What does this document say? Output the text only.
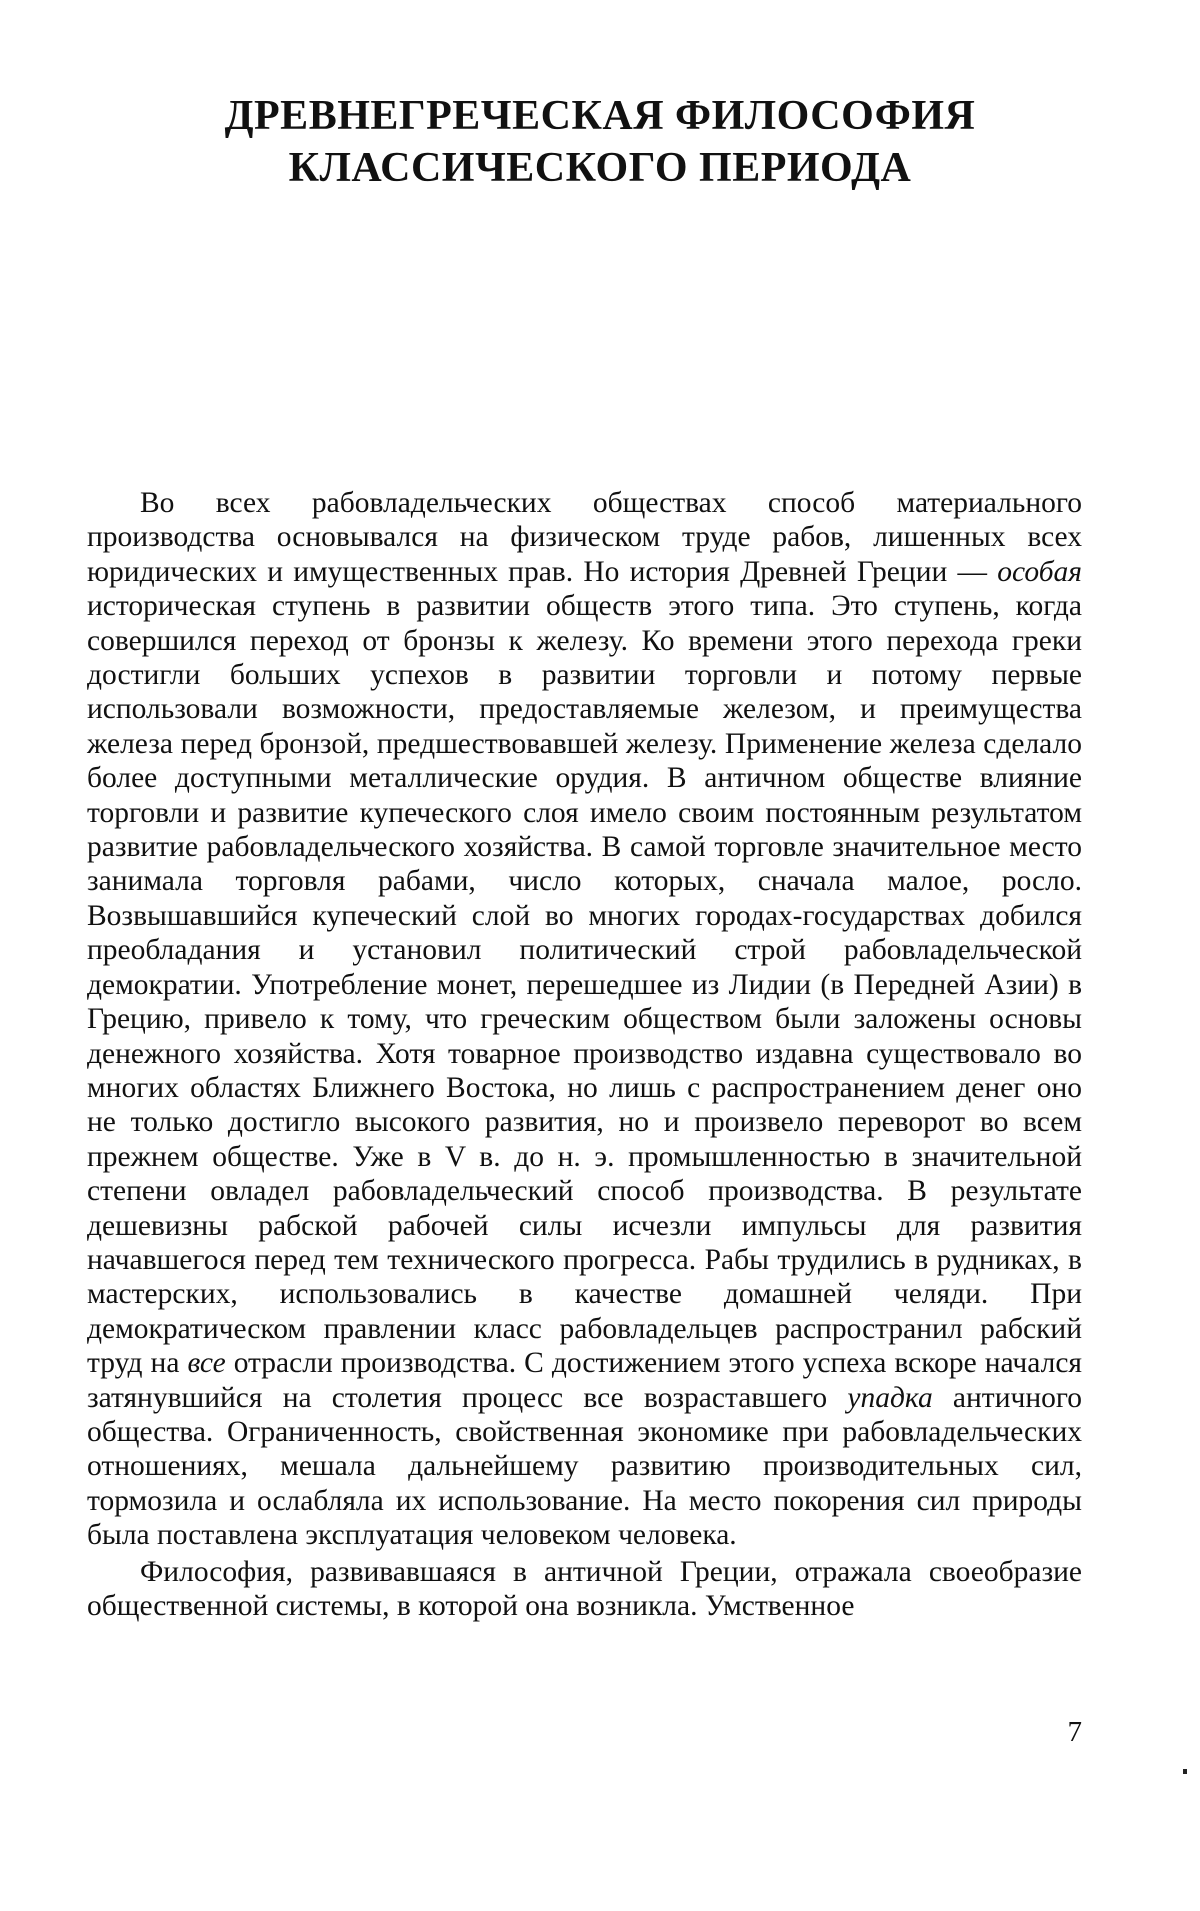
ДРЕВНЕГРЕЧЕСКАЯ ФИЛОСОФИЯ
КЛАССИЧЕСКОГО ПЕРИОДА

Во всех рабовладельческих обществах способ материального производства основывался на физическом труде рабов, лишенных всех юридических и имущественных прав. Но история Древней Греции — особая историческая ступень в развитии обществ этого типа. Это ступень, когда совершился переход от бронзы к железу. Ко времени этого перехода греки достигли больших успехов в развитии торговли и потому первые использовали возможности, предоставляемые железом, и преимущества железа перед бронзой, предшествовавшей железу. Применение железа сделало более доступными металлические орудия. В античном обществе влияние торговли и развитие купеческого слоя имело своим постоянным результатом развитие рабовладельческого хозяйства. В самой торговле значительное место занимала торговля рабами, число которых, сначала малое, росло. Возвышавшийся купеческий слой во многих городах-государствах добился преобладания и установил политический строй рабовладельческой демократии. Употребление монет, перешедшее из Лидии (в Передней Азии) в Грецию, привело к тому, что греческим обществом были заложены основы денежного хозяйства. Хотя товарное производство издавна существовало во многих областях Ближнего Востока, но лишь с распространением денег оно не только достигло высокого развития, но и произвело переворот во всем прежнем обществе. Уже в V в. до н. э. промышленностью в значительной степени овладел рабовладельческий способ производства. В результате дешевизны рабской рабочей силы исчезли импульсы для развития начавшегося перед тем технического прогресса. Рабы трудились в рудниках, в мастерских, использовались в качестве домашней челяди. При демократическом правлении класс рабовладельцев распространил рабский труд на все отрасли производства. С достижением этого успеха вскоре начался затянувшийся на столетия процесс все возраставшего упадка античного общества. Ограниченность, свойственная экономике при рабовладельческих отношениях, мешала дальнейшему развитию производительных сил, тормозила и ослабляла их использование. На место покорения сил природы была поставлена эксплуатация человеком человека.

Философия, развивавшаяся в античной Греции, отражала своеобразие общественной системы, в которой она возникла. Умственное

7
